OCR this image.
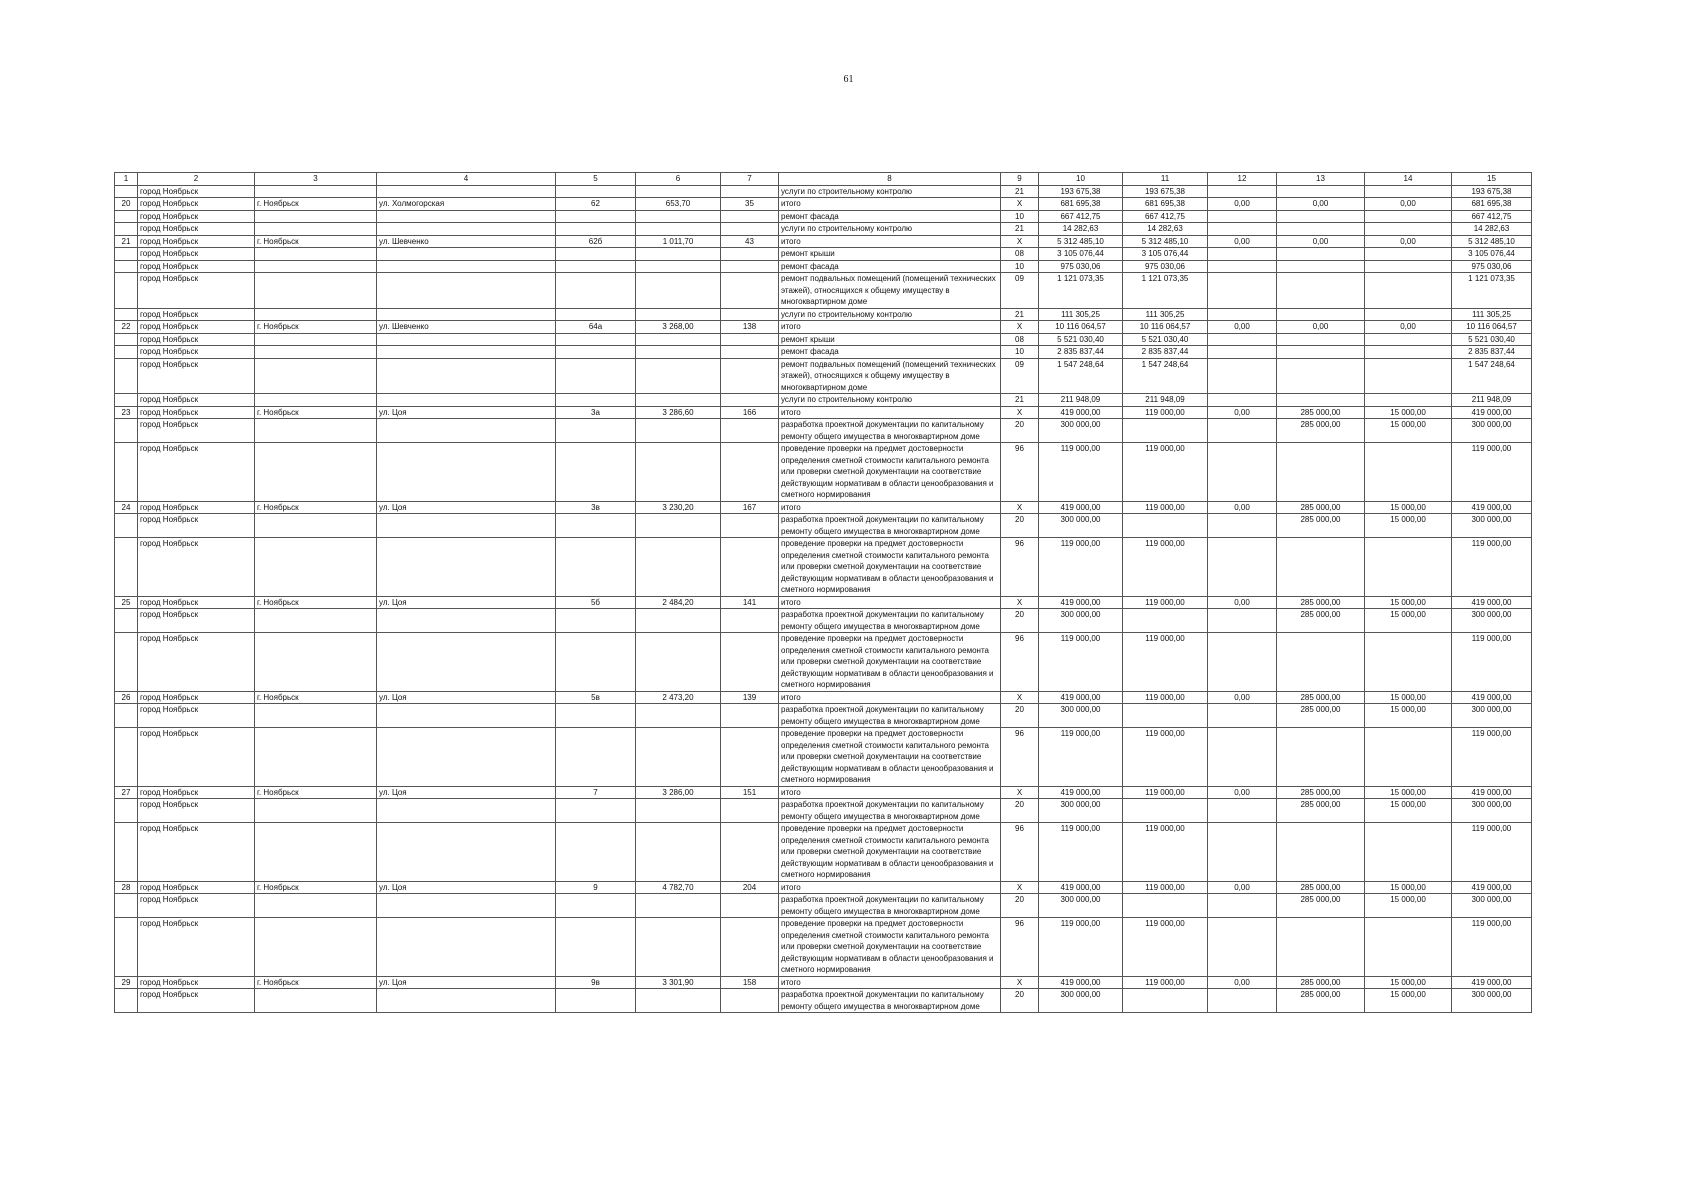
61
1	2	3	4	5	6	7	8	9	10	11	12	13	14	15
	город Ноябрьск						услуги по строительному контролю	21	193 675,38	193 675,38				193 675,38
20	город Ноябрьск	г. Ноябрьск	ул. Холмогорская	62	653,70	35	итого	X	681 695,38	681 695,38	0,00	0,00	0,00	681 695,38
	город Ноябрьск						ремонт фасада	10	667 412,75	667 412,75				667 412,75
	город Ноябрьск						услуги по строительному контролю	21	14 282,63	14 282,63				14 282,63
21	город Ноябрьск	г. Ноябрьск	ул. Шевченко	62б	1 011,70	43	итого	X	5 312 485,10	5 312 485,10	0,00	0,00	0,00	5 312 485,10
	город Ноябрьск						ремонт крыши	08	3 105 076,44	3 105 076,44				3 105 076,44
	город Ноябрьск						ремонт фасада	10	975 030,06	975 030,06				975 030,06
	город Ноябрьск						ремонт подвальных помещений (помещений технических этажей), относящихся к общему имуществу в многоквартирном доме	09	1 121 073,35	1 121 073,35				1 121 073,35
	город Ноябрьск						услуги по строительному контролю	21	111 305,25	111 305,25				111 305,25
22	город Ноябрьск	г. Ноябрьск	ул. Шевченко	64а	3 268,00	138	итого	X	10 116 064,57	10 116 064,57	0,00	0,00	0,00	10 116 064,57
	город Ноябрьск						ремонт крыши	08	5 521 030,40	5 521 030,40				5 521 030,40
	город Ноябрьск						ремонт фасада	10	2 835 837,44	2 835 837,44				2 835 837,44
	город Ноябрьск						ремонт подвальных помещений (помещений технических этажей), относящихся к общему имуществу в многоквартирном доме	09	1 547 248,64	1 547 248,64				1 547 248,64
	город Ноябрьск						услуги по строительному контролю	21	211 948,09	211 948,09				211 948,09
23	город Ноябрьск	г. Ноябрьск	ул. Цоя	3а	3 286,60	166	итого	X	419 000,00	119 000,00	0,00	285 000,00	15 000,00	419 000,00
	город Ноябрьск						разработка проектной документации по капитальному ремонту общего имущества в многоквартирном доме	20	300 000,00			285 000,00	15 000,00	300 000,00
	город Ноябрьск						проведение проверки на предмет достоверности определения сметной стоимости капитального ремонта или проверки сметной документации на соответствие действующим нормативам в области ценообразования и сметного нормирования	96	119 000,00	119 000,00				119 000,00
24	город Ноябрьск	г. Ноябрьск	ул. Цоя	3в	3 230,20	167	итого	X	419 000,00	119 000,00	0,00	285 000,00	15 000,00	419 000,00
	город Ноябрьск						разработка проектной документации по капитальному ремонту общего имущества в многоквартирном доме	20	300 000,00			285 000,00	15 000,00	300 000,00
	город Ноябрьск						проведение проверки на предмет достоверности определения сметной стоимости капитального ремонта или проверки сметной документации на соответствие действующим нормативам в области ценообразования и сметного нормирования	96	119 000,00	119 000,00				119 000,00
25	город Ноябрьск	г. Ноябрьск	ул. Цоя	5б	2 484,20	141	итого	X	419 000,00	119 000,00	0,00	285 000,00	15 000,00	419 000,00
	город Ноябрьск						разработка проектной документации по капитальному ремонту общего имущества в многоквартирном доме	20	300 000,00			285 000,00	15 000,00	300 000,00
	город Ноябрьск						проведение проверки на предмет достоверности определения сметной стоимости капитального ремонта или проверки сметной документации на соответствие действующим нормативам в области ценообразования и сметного нормирования	96	119 000,00	119 000,00				119 000,00
26	город Ноябрьск	г. Ноябрьск	ул. Цоя	5в	2 473,20	139	итого	X	419 000,00	119 000,00	0,00	285 000,00	15 000,00	419 000,00
	город Ноябрьск						разработка проектной документации по капитальному ремонту общего имущества в многоквартирном доме	20	300 000,00			285 000,00	15 000,00	300 000,00
	город Ноябрьск						проведение проверки на предмет достоверности определения сметной стоимости капитального ремонта или проверки сметной документации на соответствие действующим нормативам в области ценообразования и сметного нормирования	96	119 000,00	119 000,00				119 000,00
27	город Ноябрьск	г. Ноябрьск	ул. Цоя	7	3 286,00	151	итого	X	419 000,00	119 000,00	0,00	285 000,00	15 000,00	419 000,00
	город Ноябрьск						разработка проектной документации по капитальному ремонту общего имущества в многоквартирном доме	20	300 000,00			285 000,00	15 000,00	300 000,00
	город Ноябрьск						проведение проверки на предмет достоверности определения сметной стоимости капитального ремонта или проверки сметной документации на соответствие действующим нормативам в области ценообразования и сметного нормирования	96	119 000,00	119 000,00				119 000,00
28	город Ноябрьск	г. Ноябрьск	ул. Цоя	9	4 782,70	204	итого	X	419 000,00	119 000,00	0,00	285 000,00	15 000,00	419 000,00
	город Ноябрьск						разработка проектной документации по капитальному ремонту общего имущества в многоквартирном доме	20	300 000,00			285 000,00	15 000,00	300 000,00
	город Ноябрьск						проведение проверки на предмет достоверности определения сметной стоимости капитального ремонта или проверки сметной документации на соответствие действующим нормативам в области ценообразования и сметного нормирования	96	119 000,00	119 000,00				119 000,00
29	город Ноябрьск	г. Ноябрьск	ул. Цоя	9в	3 301,90	158	итого	X	419 000,00	119 000,00	0,00	285 000,00	15 000,00	419 000,00
	город Ноябрьск						разработка проектной документации по капитальному ремонту общего имущества в многоквартирном доме	20	300 000,00			285 000,00	15 000,00	300 000,00
